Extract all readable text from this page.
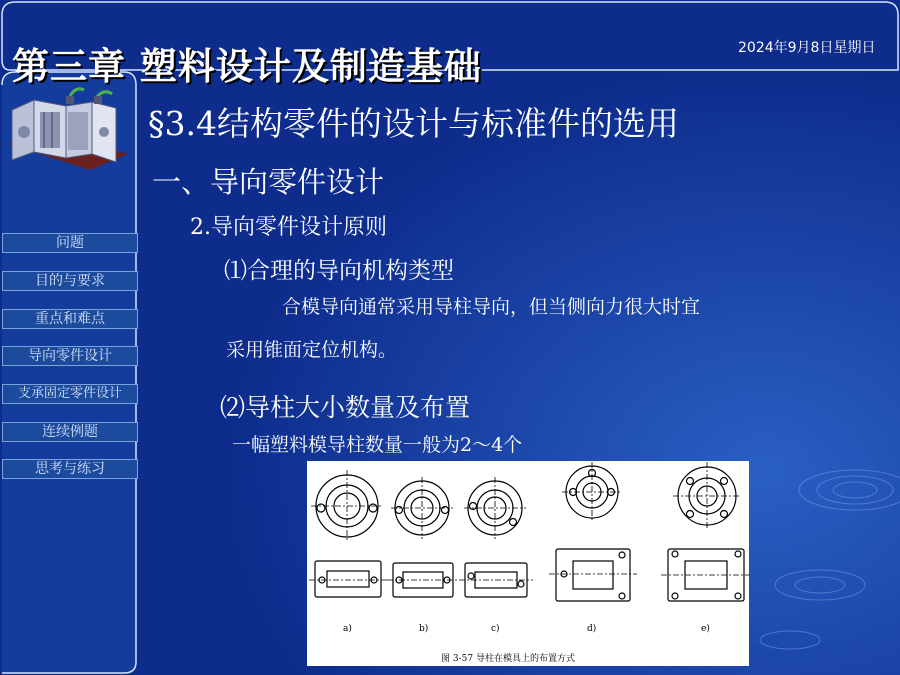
第三章 塑料设计及制造基础	2024年9月8日星期日
问题
目的与要求
重点和难点
导向零件设计
支承固定零件设计
连续例题
思考与练习
§3.4结构零件的设计与标准件的选用
一、导向零件设计
2.导向零件设计原则
⑴合理的导向机构类型
合模导向通常采用导柱导向，但当侧向力很大时宜
采用锥面定位机构。
⑵导柱大小数量及布置
一幅塑料模导柱数量一般为2～4个
a)	b)	c)	d)	e)
图 3-57 导柱在模具上的布置方式
